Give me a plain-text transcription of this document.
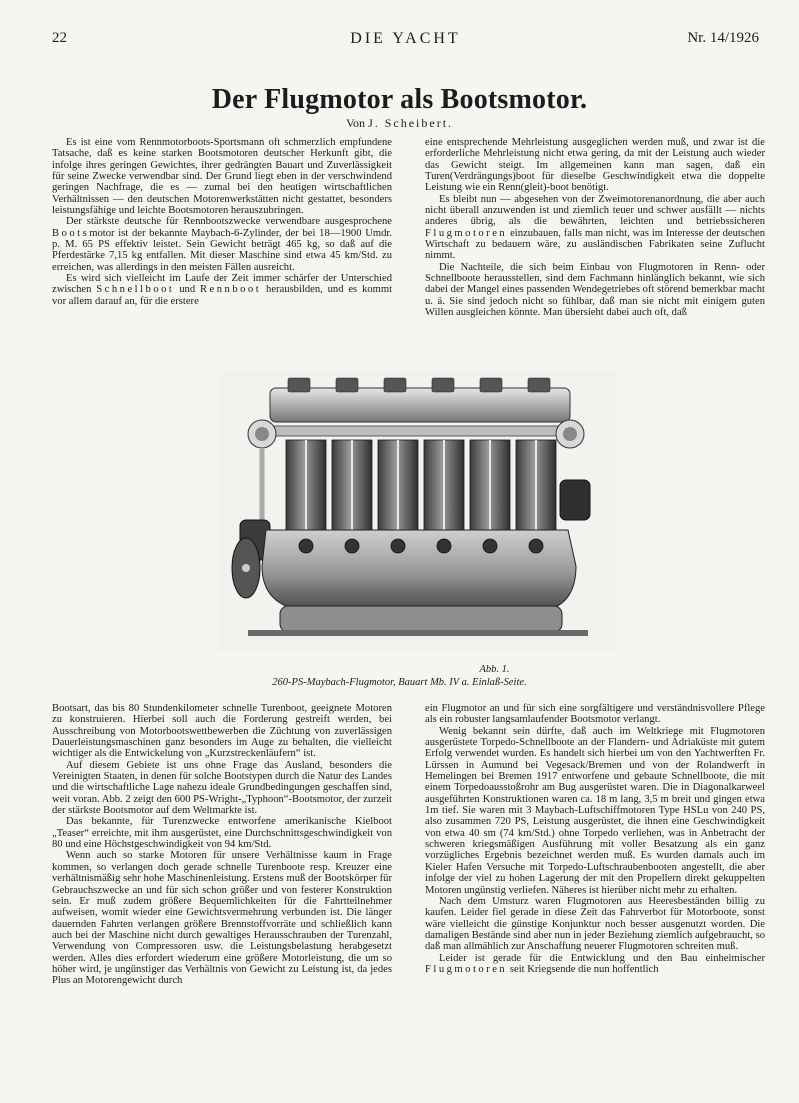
22	DIE YACHT	Nr. 14/1926
Der Flugmotor als Bootsmotor.
Von J. Scheibert.

Es ist eine vom Rennmotorboots-Sportsmann oft schmerzlich empfundene Tatsache, daß es keine starken Bootsmotoren deutscher Herkunft gibt, die infolge ihres geringen Gewichtes, ihrer gedrängten Bauart und Zuverlässigkeit für seine Zwecke verwendbar sind. Der Grund liegt eben in der verschwindend geringen Nachfrage, die es — zumal bei den heutigen wirtschaftlichen Verhältnissen — den deutschen Motorenwerkstätten nicht gestattet, besonders leistungsfähige und leichte Bootsmotoren herauszubringen.

Der stärkste deutsche für Rennbootszwecke verwendbare ausgesprochene Bootsmotor ist der bekannte Maybach-6-Zylinder, der bei 18—1900 Umdr. p. M. 65 PS effektiv leistet. Sein Gewicht beträgt 465 kg, so daß auf die Pferdestärke 7,15 kg entfallen. Mit dieser Maschine sind etwa 45 km/Std. zu erreichen, was allerdings in den meisten Fällen ausreicht.

Es wird sich vielleicht im Laufe der Zeit immer schärfer der Unterschied zwischen Schnellboot und Rennboot herausbilden, und es kommt vor allem darauf an, für die erstere

eine entsprechende Mehrleistung ausgeglichen werden muß, und zwar ist die erforderliche Mehrleistung nicht etwa gering, da mit der Leistung auch wieder das Gewicht steigt. Im allgemeinen kann man sagen, daß ein Turen(Verdrängungs)boot für dieselbe Geschwindigkeit etwa die doppelte Leistung wie ein Renn(gleit)-boot benötigt.

Es bleibt nun — abgesehen von der Zweimotorenanordnung, die aber auch nicht überall anzuwenden ist und ziemlich teuer und schwer ausfällt — nichts anderes übrig, als die bewährten, leichten und betriebssicheren Flugmotoren einzubauen, falls man nicht, was im Interesse der deutschen Wirtschaft zu bedauern wäre, zu ausländischen Fabrikaten seine Zuflucht nimmt.

Die Nachteile, die sich beim Einbau von Flugmotoren in Renn- oder Schnellboote herausstellen, sind dem Fachmann hinlänglich bekannt, wie sich dabei der Mangel eines passenden Wendegetriebes oft störend bemerkbar macht u. ä. Sie sind jedoch nicht so fühlbar, daß man sie nicht mit einigem guten Willen ausgleichen könnte. Man übersieht dabei auch oft, daß

Abb. 1.
260-PS-Maybach-Flugmotor, Bauart Mb. IV a. Einlaß-Seite.

Bootsart, das bis 80 Stundenkilometer schnelle Turenboot, geeignete Motoren zu konstruieren. Hierbei soll auch die Forderung gestreift werden, bei Ausschreibung von Motorbootswettbewerben die Züchtung von zuverlässigen Dauerleistungsmaschinen ganz besonders im Auge zu behalten, die vielleicht wichtiger als die Entwickelung von „Kurzstreckenläufern“ ist.

Auf diesem Gebiete ist uns ohne Frage das Ausland, besonders die Vereinigten Staaten, in denen für solche Bootstypen durch die Natur des Landes und die wirtschaftliche Lage nahezu ideale Grundbedingungen geschaffen sind, weit voran. Abb. 2 zeigt den 600 PS-Wright-„Typhoon“-Bootsmotor, der zurzeit der stärkste Bootsmotor auf dem Weltmarkte ist.

Das bekannte, für Turenzwecke entworfene amerikanische Kielboot „Teaser“ erreichte, mit ihm ausgerüstet, eine Durchschnittsgeschwindigkeit von 80 und eine Höchstgeschwindigkeit von 94 km/Std.

Wenn auch so starke Motoren für unsere Verhältnisse kaum in Frage kommen, so verlangen doch gerade schnelle Turenboote resp. Kreuzer eine verhältnismäßig sehr hohe Maschinenleistung. Erstens muß der Bootskörper für Gebrauchszwecke an und für sich schon größer und von festerer Konstruktion sein. Er muß zudem größere Bequemlichkeiten für die Fahrtteilnehmer aufweisen, womit wieder eine Gewichtsvermehrung verbunden ist. Die länger dauernden Fahrten verlangen größere Brennstoffvorräte und schließlich kann auch bei der Maschine nicht durch gewaltiges Herausschrauben der Turenzahl, Verwendung von Compressoren usw. die Leistungsbelastung herabgesetzt werden. Alles dies erfordert wiederum eine größere Motorleistung, die um so höher wird, je ungünstiger das Verhältnis von Gewicht zu Leistung ist, da jedes Plus an Motorengewicht durch

ein Flugmotor an und für sich eine sorgfältigere und verständnisvollere Pflege als ein robuster langsamlaufender Bootsmotor verlangt.

Wenig bekannt sein dürfte, daß auch im Weltkriege mit Flugmotoren ausgerüstete Torpedo-Schnellboote an der Flandern- und Adriaküste mit gutem Erfolg verwendet wurden. Es handelt sich hierbei um von den Yachtwerften Fr. Lürssen in Aumund bei Vegesack/Bremen und von der Rolandwerft in Hemelingen bei Bremen 1917 entworfene und gebaute Schnellboote, die mit einem Torpedoausstoßrohr am Bug ausgerüstet waren. Die in Diagonalkarweel ausgeführten Konstruktionen waren ca. 18 m lang, 3,5 m breit und gingen etwa 1m tief. Sie waren mit 3 Maybach-Luftschiffmotoren Type HSLu von 240 PS, also zusammen 720 PS, Leistung ausgerüstet, die ihnen eine Geschwindigkeit von etwa 40 sm (74 km/Std.) ohne Torpedo verliehen, was in Anbetracht der schweren kriegsmäßigen Ausführung mit voller Besatzung als ein ganz vorzügliches Ergebnis bezeichnet werden muß. Es wurden damals auch im Kieler Hafen Versuche mit Torpedo-Luftschraubenbooten angestellt, die aber infolge der viel zu hohen Lagerung der mit den Propellern direkt gekuppelten Motoren ungünstig verliefen. Näheres ist hierüber nicht mehr zu erhalten.

Nach dem Umsturz waren Flugmotoren aus Heeresbeständen billig zu kaufen. Leider fiel gerade in diese Zeit das Fahrverbot für Motorboote, sonst wäre vielleicht die günstige Konjunktur noch besser ausgenutzt worden. Die damaligen Bestände sind aber nun in jeder Beziehung ziemlich aufgebraucht, so daß man allmählich zur Anschaffung neuerer Flugmotoren schreiten muß.

Leider ist gerade für die Entwicklung und den Bau einheimischer Flugmotoren seit Kriegsende die nun hoffentlich
